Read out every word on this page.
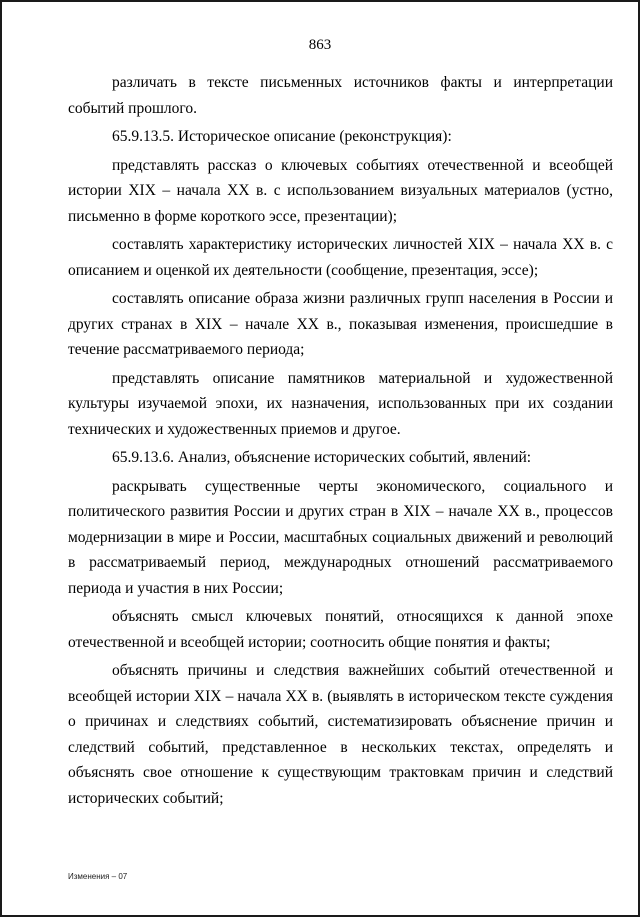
863

различать в тексте письменных источников факты и интерпретации событий прошлого.

65.9.13.5. Историческое описание (реконструкция):

представлять рассказ о ключевых событиях отечественной и всеобщей истории XIX – начала XX в. с использованием визуальных материалов (устно, письменно в форме короткого эссе, презентации);

составлять характеристику исторических личностей XIX – начала XX в. с описанием и оценкой их деятельности (сообщение, презентация, эссе);

составлять описание образа жизни различных групп населения в России и других странах в XIX – начале XX в., показывая изменения, происшедшие в течение рассматриваемого периода;

представлять описание памятников материальной и художественной культуры изучаемой эпохи, их назначения, использованных при их создании технических и художественных приемов и другое.

65.9.13.6. Анализ, объяснение исторических событий, явлений:

раскрывать существенные черты экономического, социального и политического развития России и других стран в XIX – начале XX в., процессов модернизации в мире и России, масштабных социальных движений и революций в рассматриваемый период, международных отношений рассматриваемого периода и участия в них России;

объяснять смысл ключевых понятий, относящихся к данной эпохе отечественной и всеобщей истории; соотносить общие понятия и факты;

объяснять причины и следствия важнейших событий отечественной и всеобщей истории XIX – начала XX в. (выявлять в историческом тексте суждения о причинах и следствиях событий, систематизировать объяснение причин и следствий событий, представленное в нескольких текстах, определять и объяснять свое отношение к существующим трактовкам причин и следствий исторических событий;

Изменения – 07
